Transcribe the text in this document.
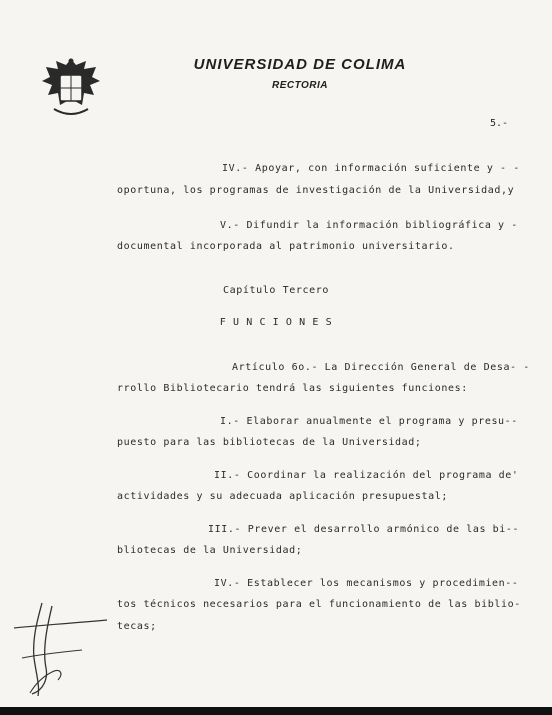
UNIVERSIDAD DE COLIMA
RECTORIA
5.-
IV.- Apoyar, con información suficiente y - -
oportuna, los programas de investigación de la Universidad,y
V.- Difundir la información bibliográfica y -
documental incorporada al patrimonio universitario.
Capítulo Tercero
F U N C I O N E S
Artículo 6o.- La Dirección General de Desa- -
rrollo Bibliotecario tendrá las siguientes funciones:
I.- Elaborar anualmente el programa y presu--
puesto para las bibliotecas de la Universidad;
II.- Coordinar la realización del programa de'
actividades y su adecuada aplicación presupuestal;
III.- Prever el desarrollo armónico de las bi--
bliotecas de la Universidad;
IV.- Establecer los mecanismos y procedimien--
tos técnicos necesarios para el funcionamiento de las biblio-
tecas;
